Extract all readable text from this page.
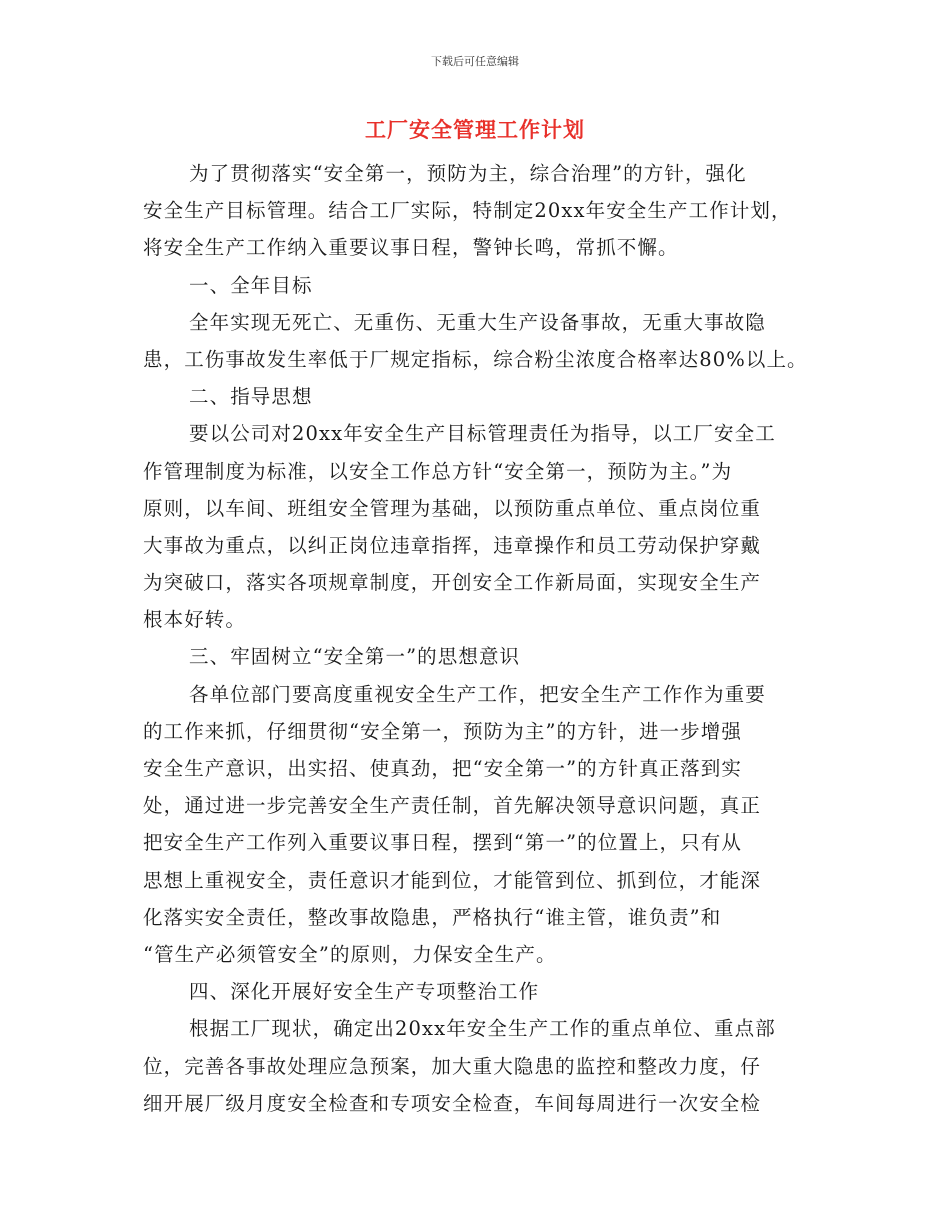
下载后可任意编辑
工厂安全管理工作计划
为了贯彻落实“安全第一，预防为主，综合治理”的方针，强化
安全生产目标管理。结合工厂实际，特制定20xx年安全生产工作计划，
将安全生产工作纳入重要议事日程，警钟长鸣，常抓不懈。
一、全年目标
全年实现无死亡、无重伤、无重大生产设备事故，无重大事故隐
患，工伤事故发生率低于厂规定指标，综合粉尘浓度合格率达80%以上。
二、指导思想
要以公司对20xx年安全生产目标管理责任为指导，以工厂安全工
作管理制度为标准，以安全工作总方针“安全第一，预防为主。”为
原则，以车间、班组安全管理为基础，以预防重点单位、重点岗位重
大事故为重点，以纠正岗位违章指挥，违章操作和员工劳动保护穿戴
为突破口，落实各项规章制度，开创安全工作新局面，实现安全生产
根本好转。
三、牢固树立“安全第一”的思想意识
各单位部门要高度重视安全生产工作，把安全生产工作作为重要
的工作来抓，仔细贯彻“安全第一，预防为主”的方针，进一步增强
安全生产意识，出实招、使真劲，把“安全第一”的方针真正落到实
处，通过进一步完善安全生产责任制，首先解决领导意识问题，真正
把安全生产工作列入重要议事日程，摆到“第一”的位置上，只有从
思想上重视安全，责任意识才能到位，才能管到位、抓到位，才能深
化落实安全责任，整改事故隐患，严格执行“谁主管，谁负责”和
“管生产必须管安全”的原则，力保安全生产。
四、深化开展好安全生产专项整治工作
根据工厂现状，确定出20xx年安全生产工作的重点单位、重点部
位，完善各事故处理应急预案，加大重大隐患的监控和整改力度，仔
细开展厂级月度安全检查和专项安全检查，车间每周进行一次安全检
